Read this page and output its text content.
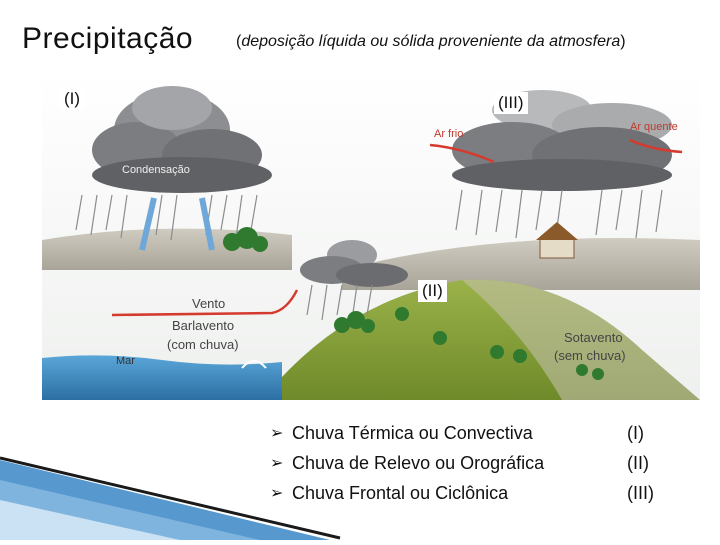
Precipitação	(deposição líquida ou sólida proveniente da atmosfera)
Condensação
Ar frio
Ar quente
Vento
Barlavento
(com chuva)	Sotavento
(sem chuva)
Mar
(I)	(III)
(II)
➢ Chuva Térmica ou Convectiva	(I)
➢ Chuva de Relevo ou Orográfica	(II)
➢ Chuva Frontal ou Ciclônica	(III)
